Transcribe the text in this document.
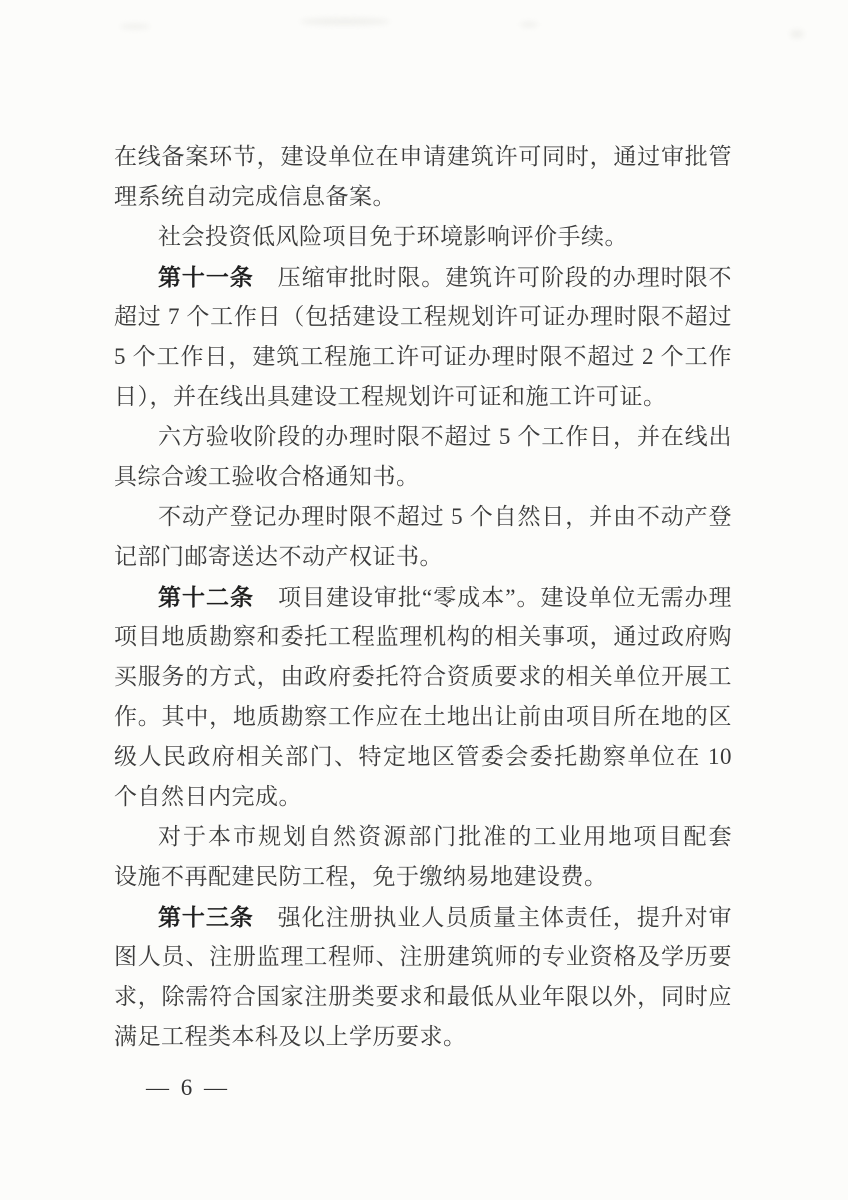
在线备案环节，建设单位在申请建筑许可同时，通过审批管
理系统自动完成信息备案。
社会投资低风险项目免于环境影响评价手续。
第十一条　压缩审批时限。建筑许可阶段的办理时限不
超过 7 个工作日（包括建设工程规划许可证办理时限不超过
5 个工作日，建筑工程施工许可证办理时限不超过 2 个工作
日），并在线出具建设工程规划许可证和施工许可证。
六方验收阶段的办理时限不超过 5 个工作日，并在线出
具综合竣工验收合格通知书。
不动产登记办理时限不超过 5 个自然日，并由不动产登
记部门邮寄送达不动产权证书。
第十二条　项目建设审批“零成本”。建设单位无需办理
项目地质勘察和委托工程监理机构的相关事项，通过政府购
买服务的方式，由政府委托符合资质要求的相关单位开展工
作。其中，地质勘察工作应在土地出让前由项目所在地的区
级人民政府相关部门、特定地区管委会委托勘察单位在 10
个自然日内完成。
对于本市规划自然资源部门批准的工业用地项目配套
设施不再配建民防工程，免于缴纳易地建设费。
第十三条　强化注册执业人员质量主体责任，提升对审
图人员、注册监理工程师、注册建筑师的专业资格及学历要
求，除需符合国家注册类要求和最低从业年限以外，同时应
满足工程类本科及以上学历要求。
— 6 —
